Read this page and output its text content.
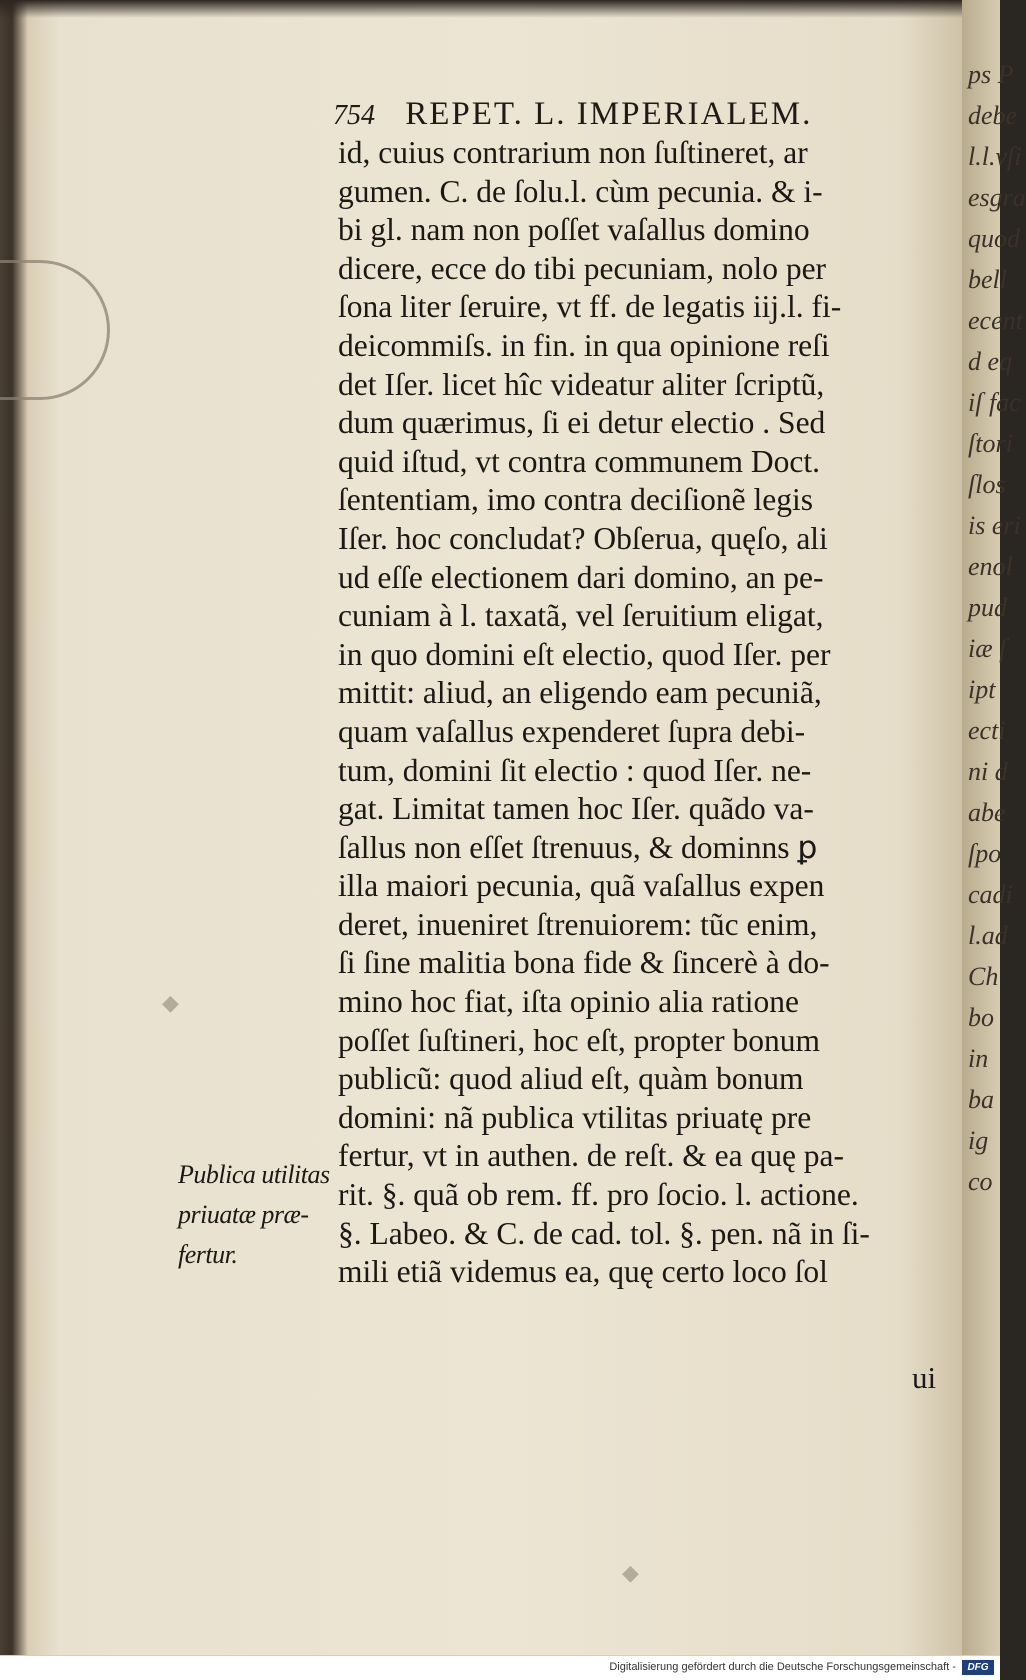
754 REPET. L. IMPERIALEM.
id, cuius contrarium non ſuſtineret, ar
gumen. C. de ſolu.l. cùm pecunia. & i-
bi gl. nam non poſſet vaſallus domino
dicere, ecce do tibi pecuniam, nolo per
ſona liter ſeruire, vt ff. de legatis iij.l. fi-
deicommiſs. in fin. in qua opinione reſi
det Iſer. licet hîc videatur aliter ſcriptũ,
dum quærimus, ſi ei detur electio . Sed
quid iſtud, vt contra communem Doct.
ſententiam, imo contra deciſionẽ legis
Iſer. hoc concludat? Obſerua, quęſo, ali
ud eſſe electionem dari domino, an pe-
cuniam à l. taxatã, vel ſeruitium eligat,
in quo domini eſt electio, quod Iſer. per
mittit: aliud, an eligendo eam pecuniã,
quam vaſallus expenderet ſupra debi-
tum, domini ſit electio : quod Iſer. ne-
gat. Limitat tamen hoc Iſer. quãdo va-
ſallus non eſſet ſtrenuus, & dominns ꝑ
illa maiori pecunia, quã vaſallus expen
deret, inueniret ſtrenuiorem: tũc enim,
ſi ſine malitia bona fide & ſincerè à do-
mino hoc fiat, iſta opinio alia ratione
poſſet ſuſtineri, hoc eſt, propter bonum
publicũ: quod aliud eſt, quàm bonum
domini: nã publica vtilitas priuatę pre
fertur, vt in authen. de reſt. & ea quę pa-
rit. §. quã ob rem. ff. pro ſocio. l. actione.
§. Labeo. & C. de cad. tol. §. pen. nã in ſi-
mili etiã videmus ea, quę certo loco ſol
Publica utilitas
priuatæ præ-
fertur.
ui
◆
◆
ps P
debe
l.l.vſi
esgra
quod
bell
ecent
d eq
iſ fac
ſtori
ſlos
is eri
enol
pud
iæ ſ
ipt
ecti
ni d
abe
ſpo
cadi
l.ad
Ch
bo
in
ba
ig
co
Digitalisierung gefördert durch die Deutsche Forschungsgemeinschaft -	DFG
